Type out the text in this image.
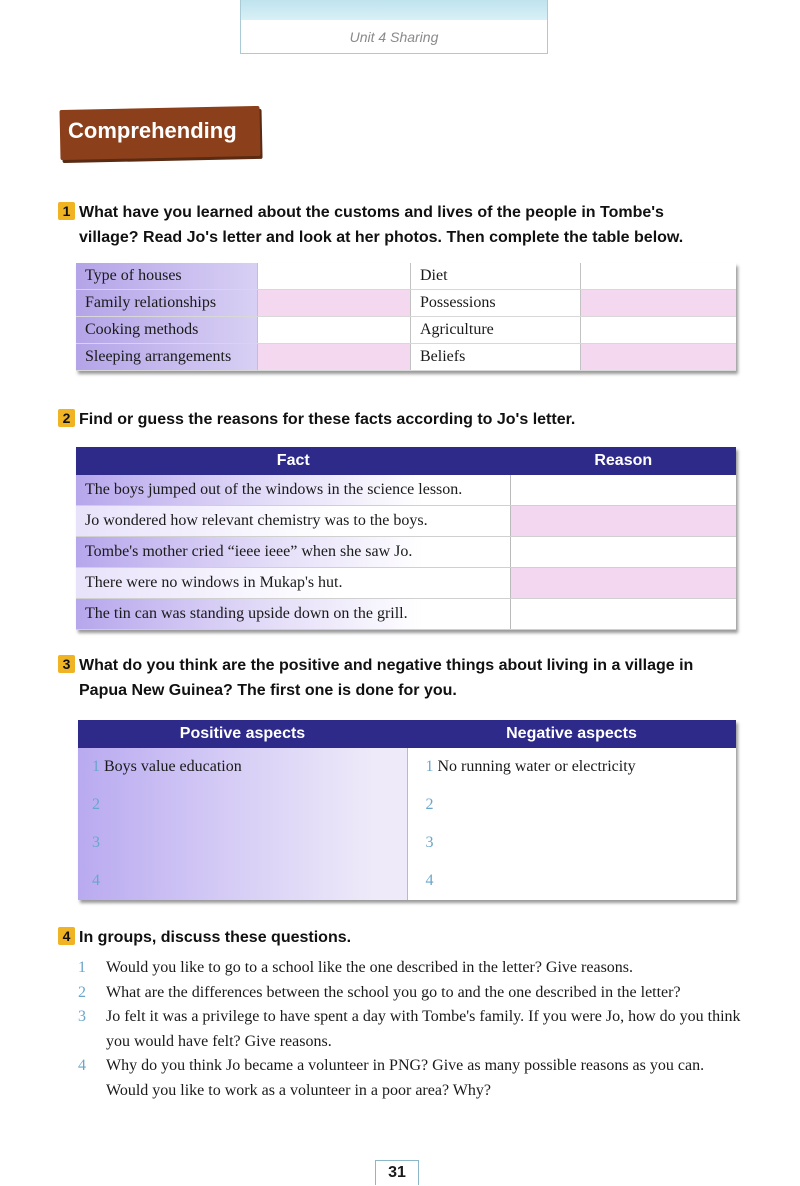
Unit 4 Sharing
Comprehending
1 What have you learned about the customs and lives of the people in Tombe's
village? Read Jo's letter and look at her photos. Then complete the table below.
Type of houses		Diet	
Family relationships		Possessions	
Cooking methods		Agriculture	
Sleeping arrangements		Beliefs	
2 Find or guess the reasons for these facts according to Jo's letter.
Fact	Reason
The boys jumped out of the windows in the science lesson.	
Jo wondered how relevant chemistry was to the boys.	
Tombe's mother cried “ieee ieee” when she saw Jo.	
There were no windows in Mukap's hut.	
The tin can was standing upside down on the grill.	
3 What do you think are the positive and negative things about living in a village in
Papua New Guinea? The first one is done for you.
Positive aspects	Negative aspects
1 Boys value education	1 No running water or electricity
2	2
3	3
4	4
4 In groups, discuss these questions.
1	Would you like to go to a school like the one described in the letter? Give reasons.
2	What are the differences between the school you go to and the one described in the letter?
3	Jo felt it was a privilege to have spent a day with Tombe's family. If you were Jo, how do you think you would have felt? Give reasons.
4	Why do you think Jo became a volunteer in PNG? Give as many possible reasons as you can. Would you like to work as a volunteer in a poor area? Why?
31
